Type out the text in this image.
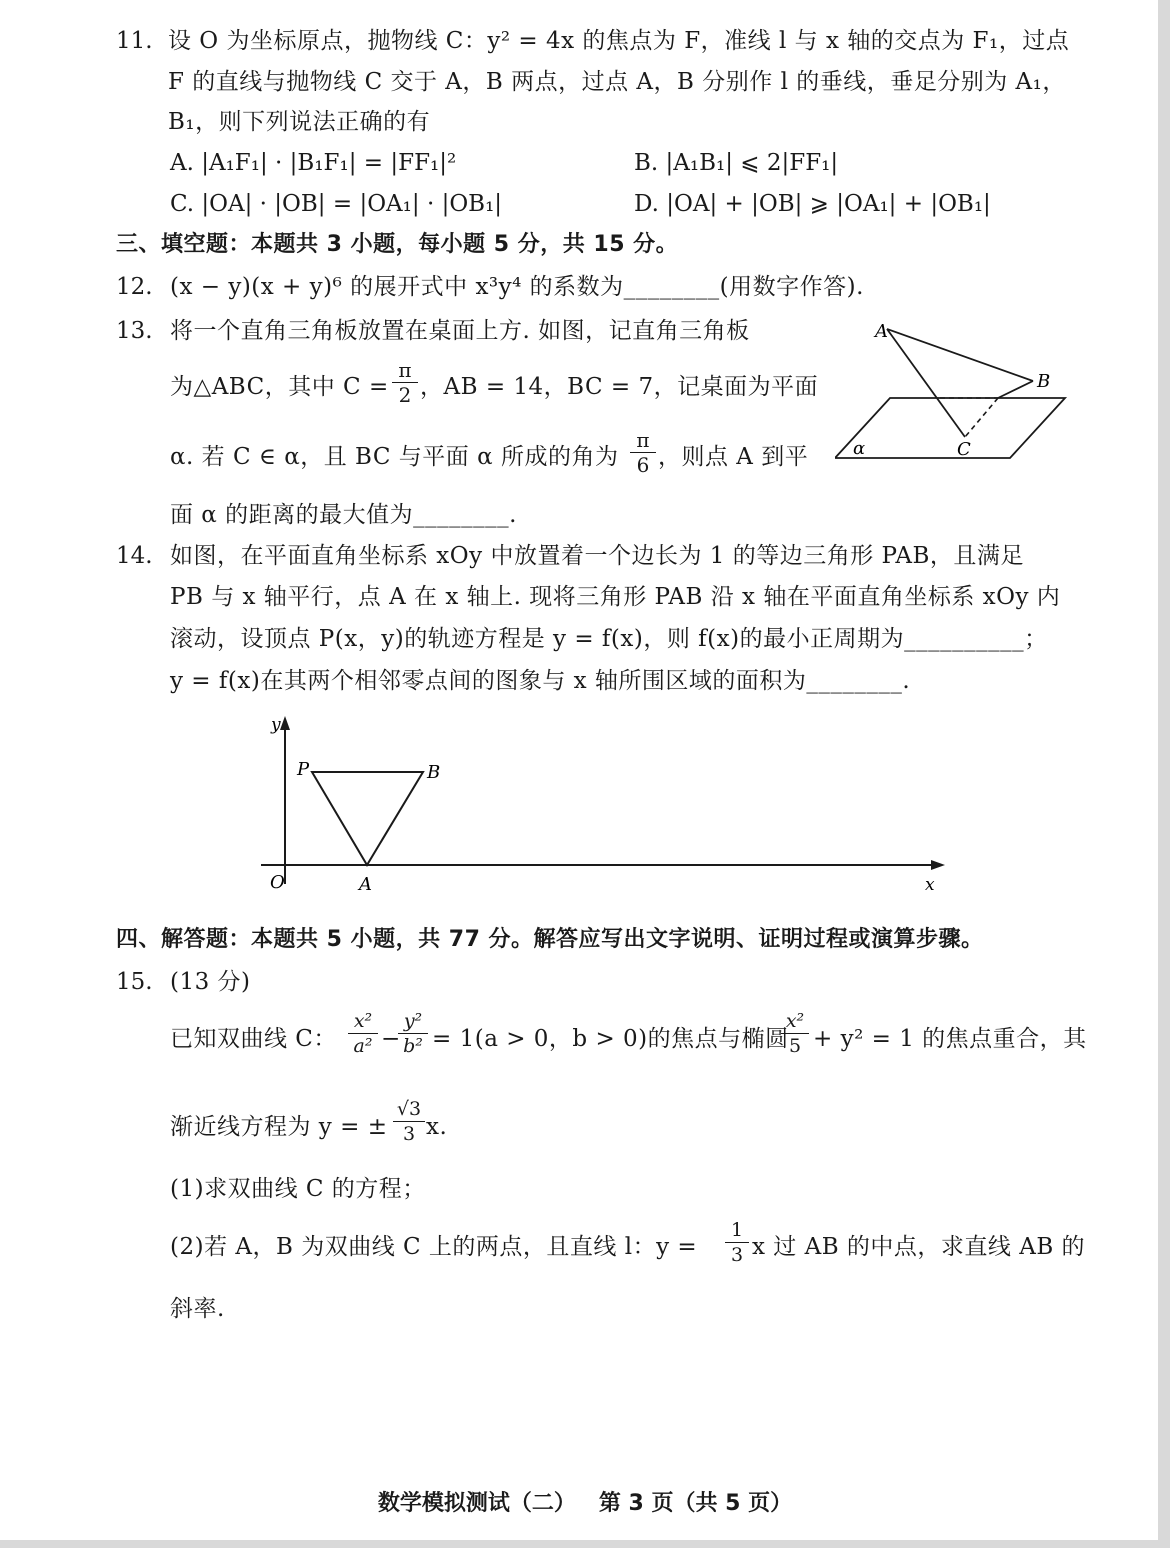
11. 设 O 为坐标原点，抛物线 C：y² = 4x 的焦点为 F，准线 l 与 x 轴的交点为 F₁，过点
F 的直线与抛物线 C 交于 A，B 两点，过点 A，B 分别作 l 的垂线，垂足分别为 A₁，
B₁，则下列说法正确的有
A. |A₁F₁| · |B₁F₁| = |FF₁|²	B. |A₁B₁| ⩽ 2|FF₁|
C. |OA| · |OB| = |OA₁| · |OB₁|	D. |OA| + |OB| ⩾ |OA₁| + |OB₁|
三、填空题：本题共 3 小题，每小题 5 分，共 15 分。
12. (x − y)(x + y)⁶ 的展开式中 x³y⁴ 的系数为________(用数字作答).
13. 将一个直角三角板放置在桌面上方. 如图，记直角三角板
为△ABC，其中 $C = \frac{\pi}{2}$ ，AB = 14，BC = 7，记桌面为平面
α. 若 C ∈ α，且 BC 与平面 α 所成的角为 $\frac{\pi}{6}$ ，则点 A 到平
面 α 的距离的最大值为________.
A
B
C
α
14. 如图，在平面直角坐标系 xOy 中放置着一个边长为 1 的等边三角形 PAB，且满足
PB 与 x 轴平行，点 A 在 x 轴上. 现将三角形 PAB 沿 x 轴在平面直角坐标系 xOy 内
滚动，设顶点 P(x，y)的轨迹方程是 y = f(x)，则 f(x)的最小正周期为__________；
y = f(x)在其两个相邻零点间的图象与 x 轴所围区域的面积为________.
y
x
O
P	B
A
四、解答题：本题共 5 小题，共 77 分。解答应写出文字说明、证明过程或演算步骤。
15. (13 分)
已知双曲线 C： $\frac{\text{x²}}{\text{a²}}$ −
$\frac{\text{y²}}{\text{b²}} = 1(a > 0$，b > 0)的焦点与椭圆
$\frac{\text{x²}}{5} + y^2 = 1$ 的焦点重合，其
渐近线方程为 y = ± $\frac{√3}{3} x$.
(1)求双曲线 C 的方程；
(2)若 A，B 为双曲线 C 上的两点，且直线 l：$y = \frac{1}{3}$ x 过 AB 的中点，求直线 AB 的
斜率.
数学模拟测试（二）   第 3 页（共 5 页）
